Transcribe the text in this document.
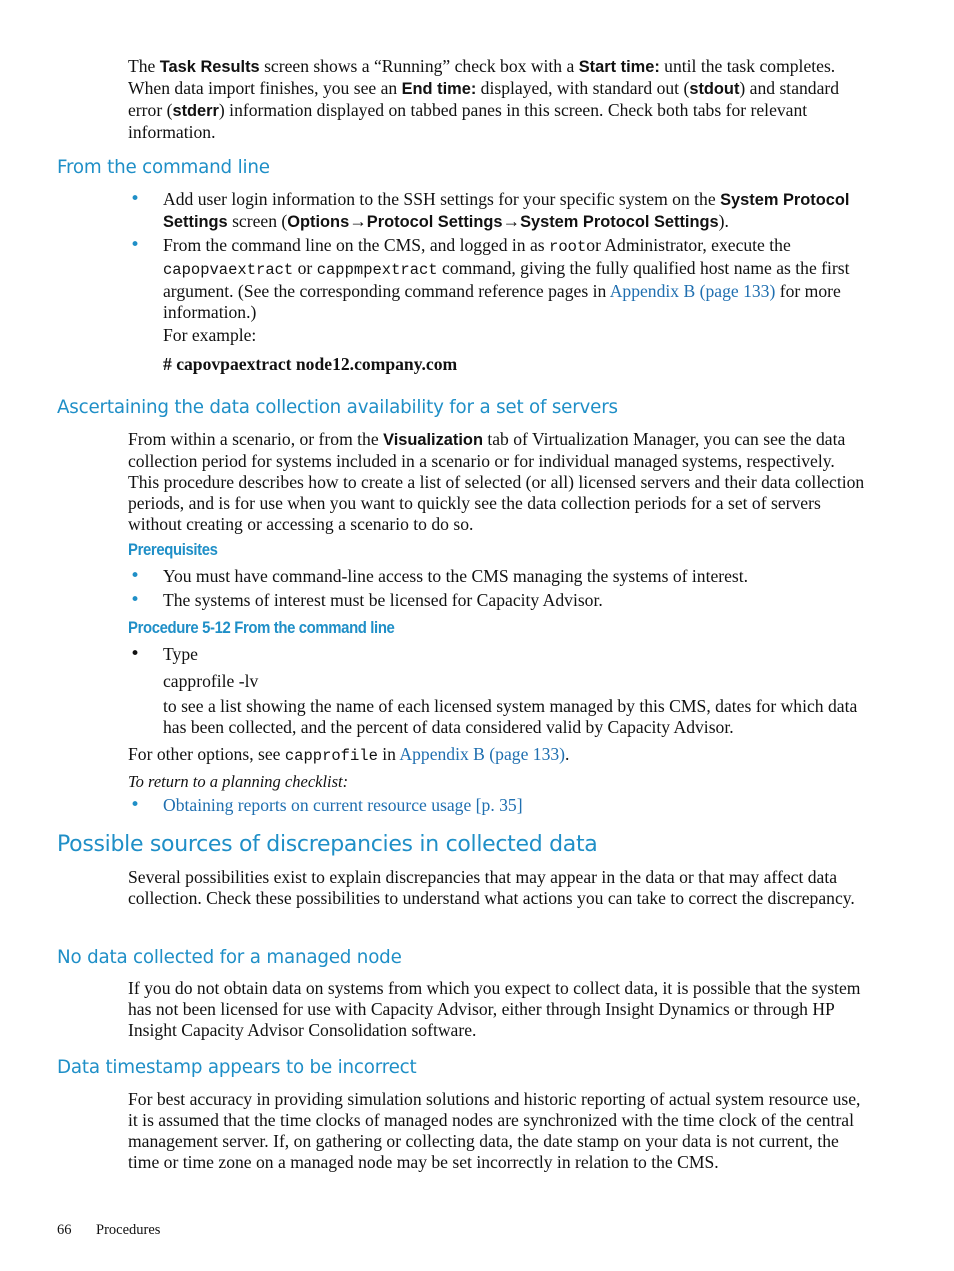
The Task Results screen shows a “Running” check box with a Start time: until the task completes. When data import finishes, you see an End time: displayed, with standard out (stdout) and standard error (stderr) information displayed on tabbed panes in this screen. Check both tabs for relevant information.

From the command line
• Add user login information to the SSH settings for your specific system on the System Protocol Settings screen (Options→Protocol Settings→System Protocol Settings).

• From the command line on the CMS, and logged in as rootor Administrator, execute the capopvaextract or cappmpextract command, giving the fully qualified host name as the first argument. (See the corresponding command reference pages in Appendix B (page 133) for more information.)

For example:

# capovpaextract node12.company.com

Ascertaining the data collection availability for a set of servers

From within a scenario, or from the Visualization tab of Virtualization Manager, you can see the data collection period for systems included in a scenario or for individual managed systems, respectively. This procedure describes how to create a list of selected (or all) licensed servers and their data collection periods, and is for use when you want to quickly see the data collection periods for a set of servers without creating or accessing a scenario to do so.

Prerequisites
• You must have command-line access to the CMS managing the systems of interest.

• The systems of interest must be licensed for Capacity Advisor.

Procedure 5-12 From the command line
• Type

capprofile -lv

to see a list showing the name of each licensed system managed by this CMS, dates for which data has been collected, and the percent of data considered valid by Capacity Advisor.

For other options, see capprofile in Appendix B (page 133).

To return to a planning checklist:

• Obtaining reports on current resource usage [p. 35]

Possible sources of discrepancies in collected data

Several possibilities exist to explain discrepancies that may appear in the data or that may affect data collection. Check these possibilities to understand what actions you can take to correct the discrepancy.

No data collected for a managed node

If you do not obtain data on systems from which you expect to collect data, it is possible that the system has not been licensed for use with Capacity Advisor, either through Insight Dynamics or through HP Insight Capacity Advisor Consolidation software.

Data timestamp appears to be incorrect

For best accuracy in providing simulation solutions and historic reporting of actual system resource use, it is assumed that the time clocks of managed nodes are synchronized with the time clock of the central management server. If, on gathering or collecting data, the date stamp on your data is not current, the time or time zone on a managed node may be set incorrectly in relation to the CMS.

66 Procedures
